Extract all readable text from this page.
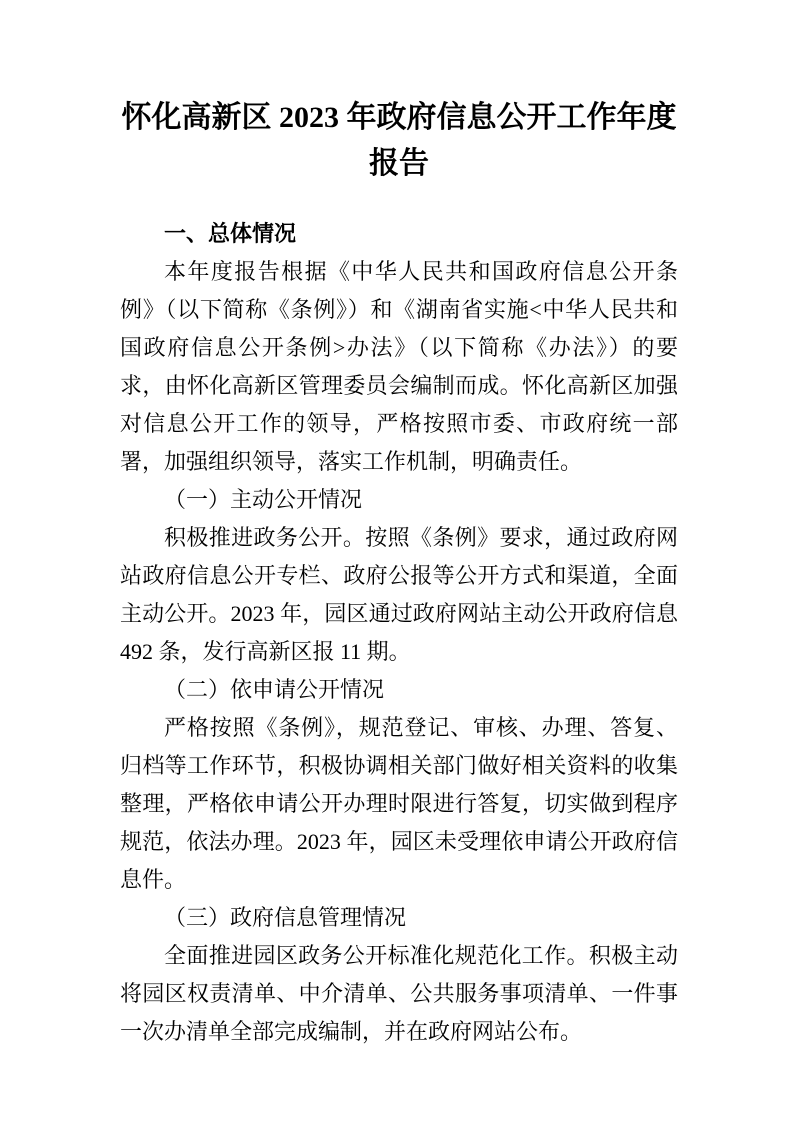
怀化高新区 2023 年政府信息公开工作年度报告

一、总体情况

本年度报告根据《中华人民共和国政府信息公开条例》（以下简称《条例》）和《湖南省实施<中华人民共和国政府信息公开条例>办法》（以下简称《办法》）的要求，由怀化高新区管理委员会编制而成。怀化高新区加强对信息公开工作的领导，严格按照市委、市政府统一部署，加强组织领导，落实工作机制，明确责任。

（一）主动公开情况

积极推进政务公开。按照《条例》要求，通过政府网站政府信息公开专栏、政府公报等公开方式和渠道，全面主动公开。2023 年，园区通过政府网站主动公开政府信息 492 条，发行高新区报 11 期。

（二）依申请公开情况

严格按照《条例》，规范登记、审核、办理、答复、归档等工作环节，积极协调相关部门做好相关资料的收集整理，严格依申请公开办理时限进行答复，切实做到程序规范，依法办理。2023 年，园区未受理依申请公开政府信息件。

（三）政府信息管理情况

全面推进园区政务公开标准化规范化工作。积极主动将园区权责清单、中介清单、公共服务事项清单、一件事一次办清单全部完成编制，并在政府网站公布。
